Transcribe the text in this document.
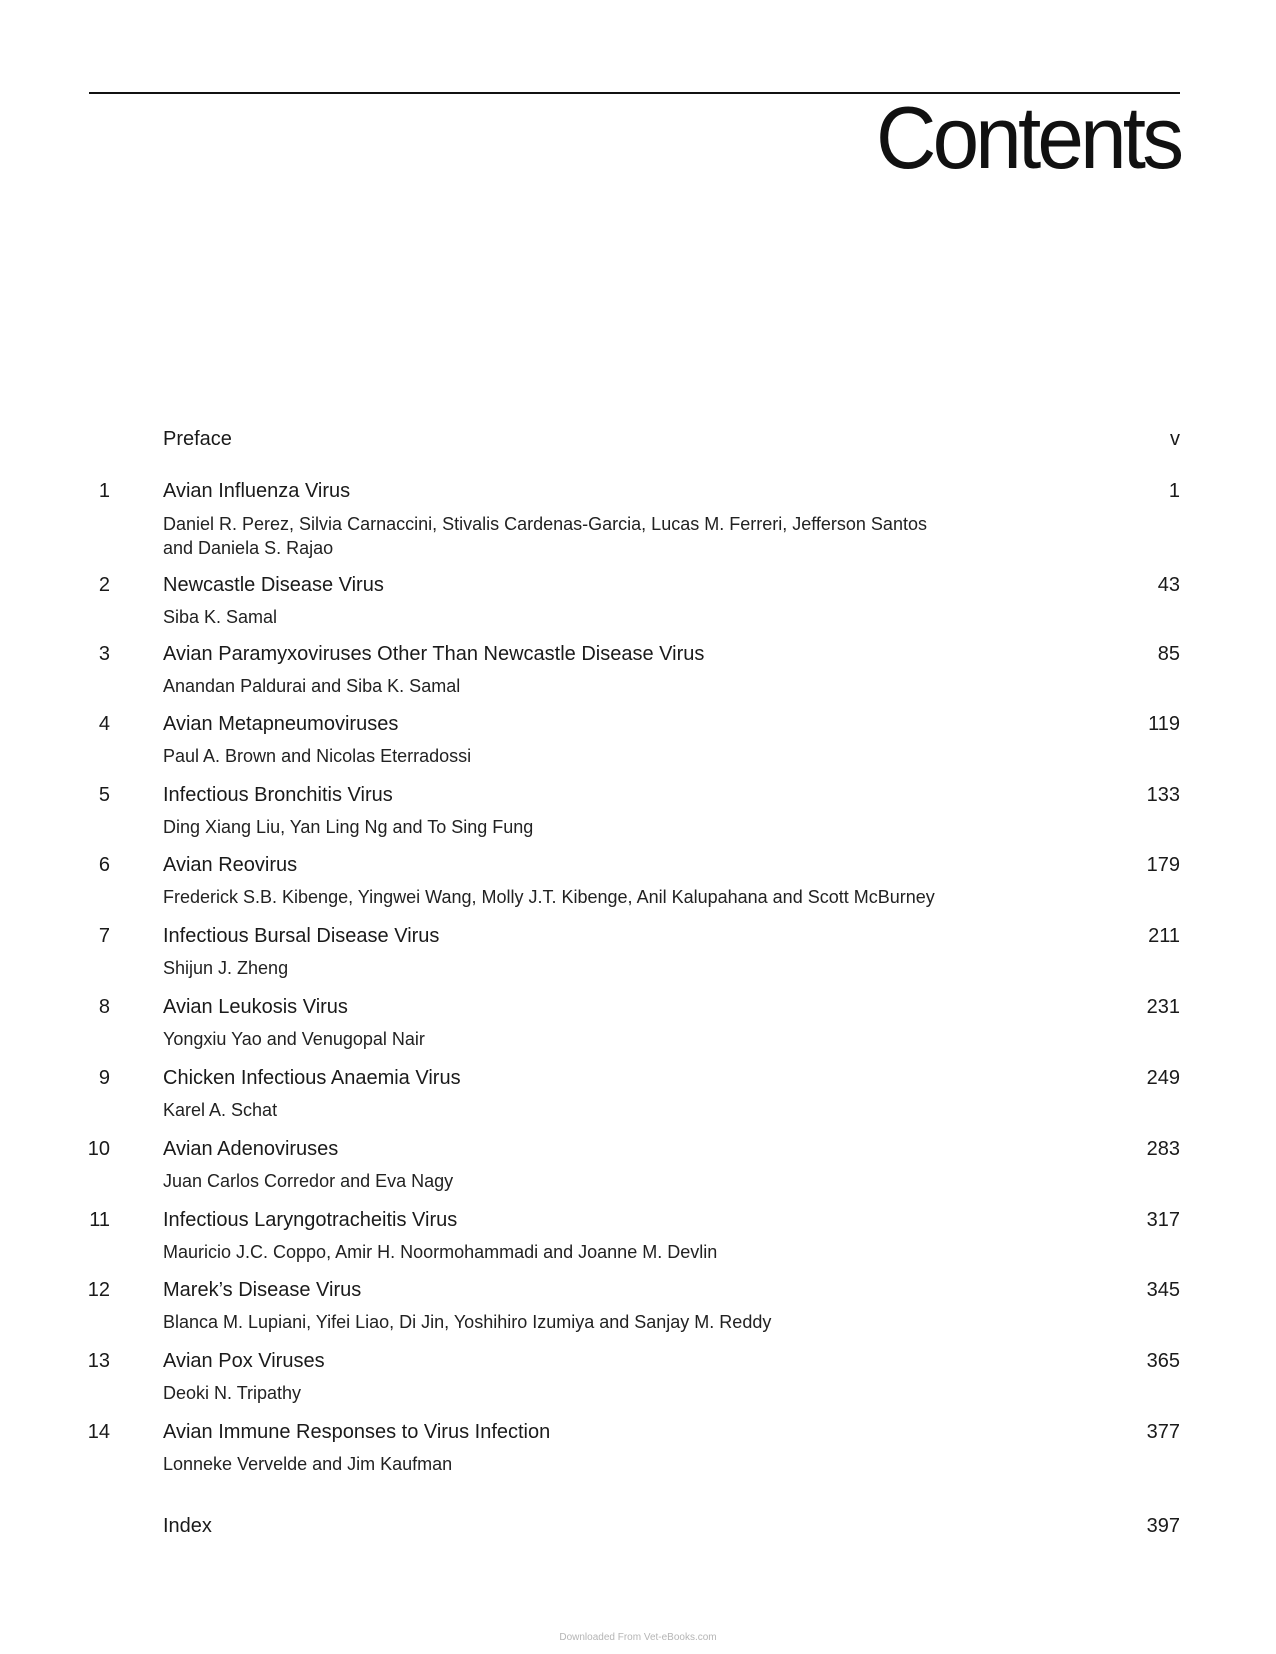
Contents
Preface	v
1	Avian Influenza Virus	1
Daniel R. Perez, Silvia Carnaccini, Stivalis Cardenas-Garcia, Lucas M. Ferreri, Jefferson Santos and Daniela S. Rajao
2	Newcastle Disease Virus	43
Siba K. Samal
3	Avian Paramyxoviruses Other Than Newcastle Disease Virus	85
Anandan Paldurai and Siba K. Samal
4	Avian Metapneumoviruses	119
Paul A. Brown and Nicolas Eterradossi
5	Infectious Bronchitis Virus	133
Ding Xiang Liu, Yan Ling Ng and To Sing Fung
6	Avian Reovirus	179
Frederick S.B. Kibenge, Yingwei Wang, Molly J.T. Kibenge, Anil Kalupahana and Scott McBurney
7	Infectious Bursal Disease Virus	211
Shijun J. Zheng
8	Avian Leukosis Virus	231
Yongxiu Yao and Venugopal Nair
9	Chicken Infectious Anaemia Virus	249
Karel A. Schat
10	Avian Adenoviruses	283
Juan Carlos Corredor and Eva Nagy
11	Infectious Laryngotracheitis Virus	317
Mauricio J.C. Coppo, Amir H. Noormohammadi and Joanne M. Devlin
12	Marek’s Disease Virus	345
Blanca M. Lupiani, Yifei Liao, Di Jin, Yoshihiro Izumiya and Sanjay M. Reddy
13	Avian Pox Viruses	365
Deoki N. Tripathy
14	Avian Immune Responses to Virus Infection	377
Lonneke Vervelde and Jim Kaufman
Index	397
Downloaded From Vet-eBooks.com
